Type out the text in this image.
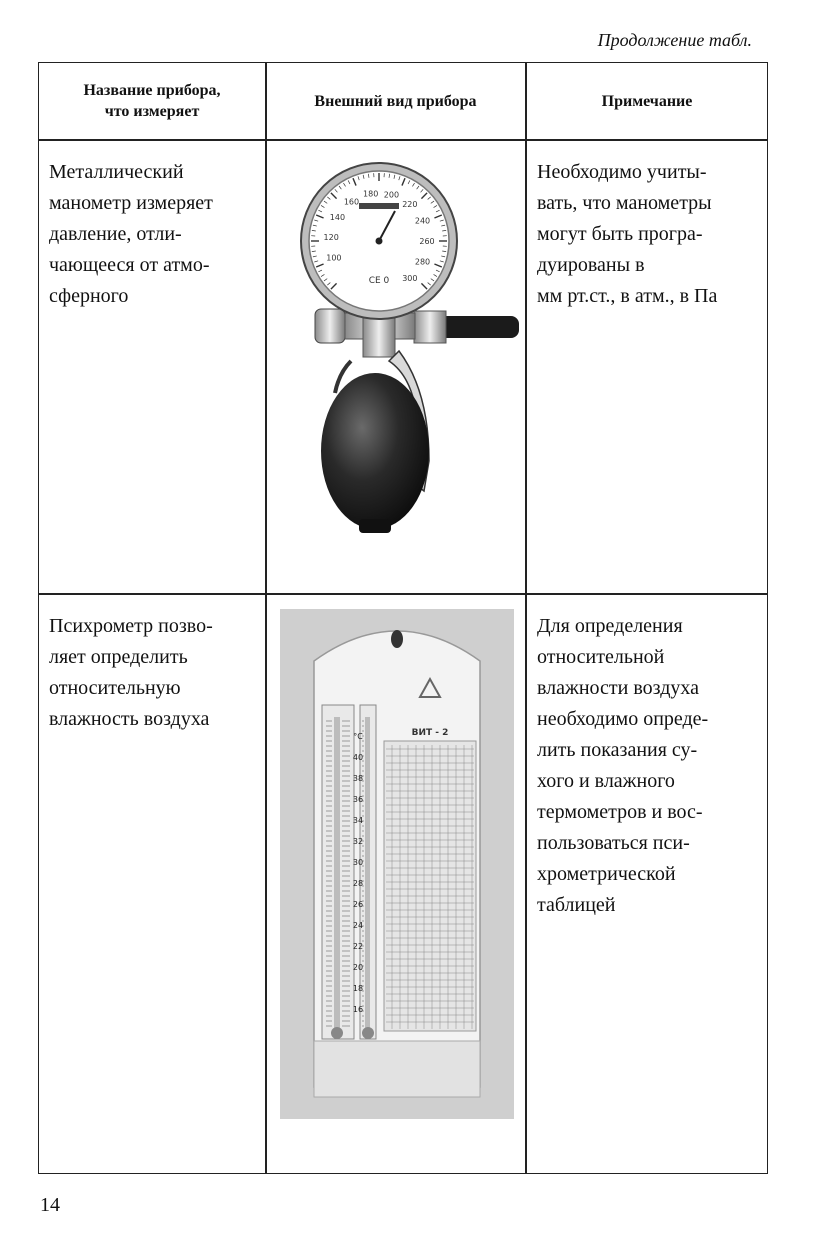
Продолжение табл.
Название прибора,
что измеряет
Внешний вид прибора	Примечание
Металлический
манометр измеряет
давление, отли-
чающееся от атмо-
сферного
100
120
140
160
180 200
220
240
260
280
300
CE 0
Необходимо учиты-
вать, что манометры
могут быть програ-
дуированы в
мм рт.ст., в атм., в Па
Психрометр позво-
ляет определить
относительную
влажность воздуха
°C
40
38
36
34
32
30
28
26
24
22
20
18
16
ВИТ - 2
Для определения
относительной
влажности воздуха
необходимо опреде-
лить показания су-
хого и влажного
термометров и вос-
пользоваться пси-
хрометрической
таблицей
14
